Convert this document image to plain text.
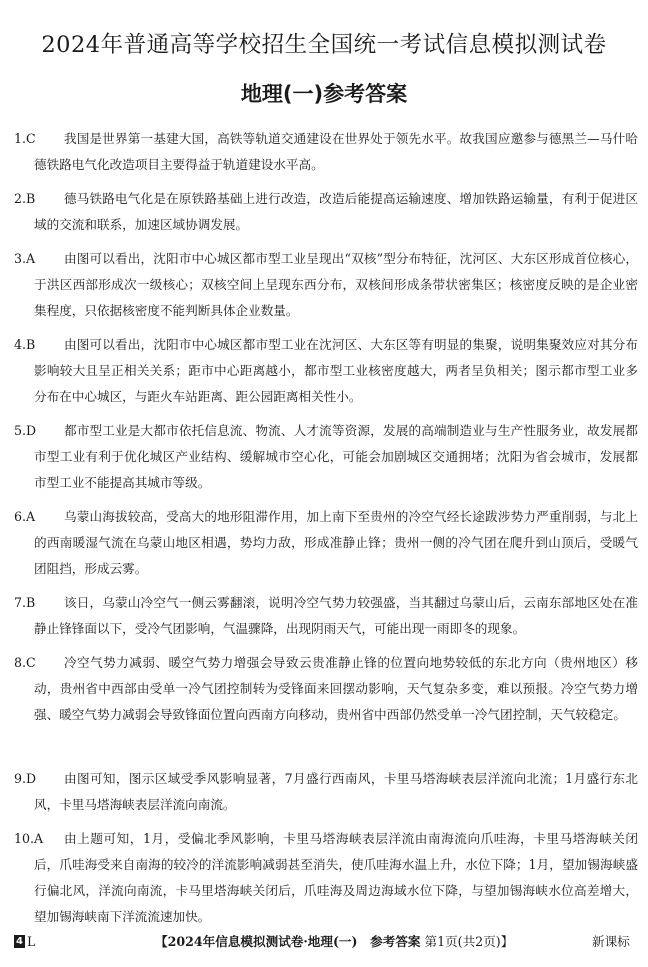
2024年普通高等学校招生全国统一考试信息模拟测试卷
地理(一)参考答案
1.C	我国是世界第一基建大国，高铁等轨道交通建设在世界处于领先水平。故我国应邀参与德黑兰—马什哈德铁路电气化改造项目主要得益于轨道建设水平高。
2.B	德马铁路电气化是在原铁路基础上进行改造，改造后能提高运输速度、增加铁路运输量，有利于促进区域的交流和联系，加速区域协调发展。
3.A	由图可以看出，沈阳市中心城区都市型工业呈现出“双核”型分布特征，沈河区、大东区形成首位核心，于洪区西部形成次一级核心；双核空间上呈现东西分布，双核间形成条带状密集区；核密度反映的是企业密集程度，只依据核密度不能判断具体企业数量。
4.B	由图可以看出，沈阳市中心城区都市型工业在沈河区、大东区等有明显的集聚，说明集聚效应对其分布影响较大且呈正相关关系；距市中心距离越小，都市型工业核密度越大，两者呈负相关；图示都市型工业多分布在中心城区，与距火车站距离、距公园距离相关性小。
5.D	都市型工业是大都市依托信息流、物流、人才流等资源，发展的高端制造业与生产性服务业，故发展都市型工业有利于优化城区产业结构、缓解城市空心化，可能会加剧城区交通拥堵；沈阳为省会城市，发展都市型工业不能提高其城市等级。
6.A	乌蒙山海拔较高，受高大的地形阻滞作用，加上南下至贵州的冷空气经长途跋涉势力严重削弱，与北上的西南暖湿气流在乌蒙山地区相遇，势均力敌，形成准静止锋；贵州一侧的冷气团在爬升到山顶后，受暖气团阻挡，形成云雾。
7.B	该日，乌蒙山冷空气一侧云雾翻滚，说明冷空气势力较强盛，当其翻过乌蒙山后，云南东部地区处在准静止锋锋面以下，受冷气团影响，气温骤降，出现阴雨天气，可能出现一雨即冬的现象。
8.C	冷空气势力减弱、暖空气势力增强会导致云贵准静止锋的位置向地势较低的东北方向（贵州地区）移动，贵州省中西部由受单一冷气团控制转为受锋面来回摆动影响，天气复杂多变，难以预报。冷空气势力增强、暖空气势力减弱会导致锋面位置向西南方向移动，贵州省中西部仍然受单一冷气团控制，天气较稳定。
9.D	由图可知，图示区域受季风影响显著，7月盛行西南风，卡里马塔海峡表层洋流向北流；1月盛行东北风，卡里马塔海峡表层洋流向南流。
10.A	由上题可知，1月，受偏北季风影响，卡里马塔海峡表层洋流由南海流向爪哇海，卡里马塔海峡关闭后，爪哇海受来自南海的较冷的洋流影响减弱甚至消失，使爪哇海水温上升，水位下降；1月，望加锡海峡盛行偏北风，洋流向南流，卡马里塔海峡关闭后，爪哇海及周边海域水位下降，与望加锡海峡水位高差增大，望加锡海峡南下洋流流速加快。
4 L	【2024年信息模拟测试卷·地理(一)　参考答案 第1页(共2页)】	新课标
